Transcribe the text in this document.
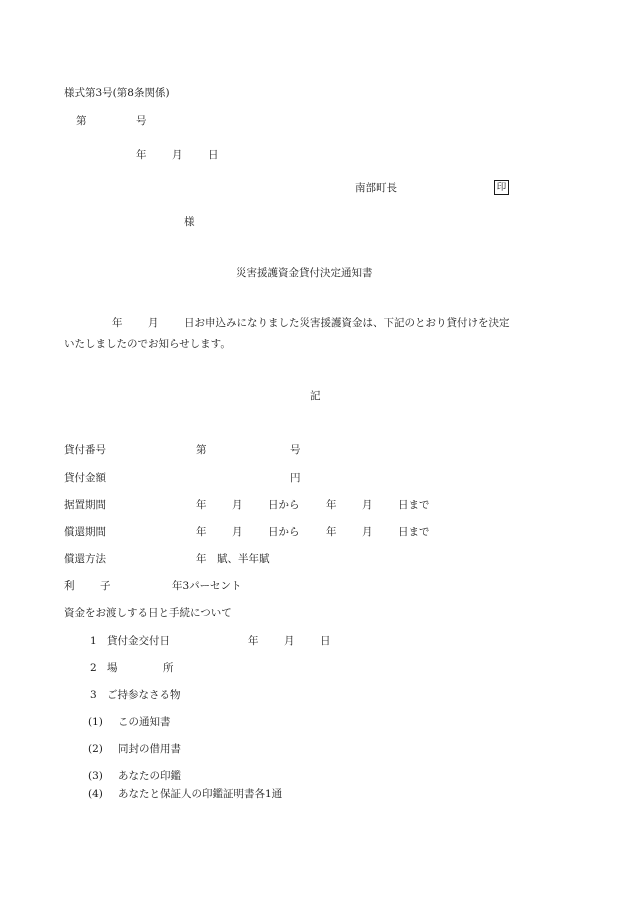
様式第3号(第8条関係)
第	号
年 月 日
南部町長	印
様
災害援護資金貸付決定通知書
年 月 日お申込みになりました災害援護資金は、下記のとおり貸付けを決定
いたしましたのでお知らせします。
記
貸付番号	第	号
貸付金額	円
据置期間	年 月 日から	年 月 日まで
償還期間	年 月 日から	年 月 日まで
償還方法	年　賦、半年賦
利 子	年3パーセント
資金をお渡しする日と手続について
1 貸付金交付日	年 月 日
2 場	所
3 ご持参なさる物
(1) この通知書
(2) 同封の借用書
(3) あなたの印鑑
(4) あなたと保証人の印鑑証明書各1通
